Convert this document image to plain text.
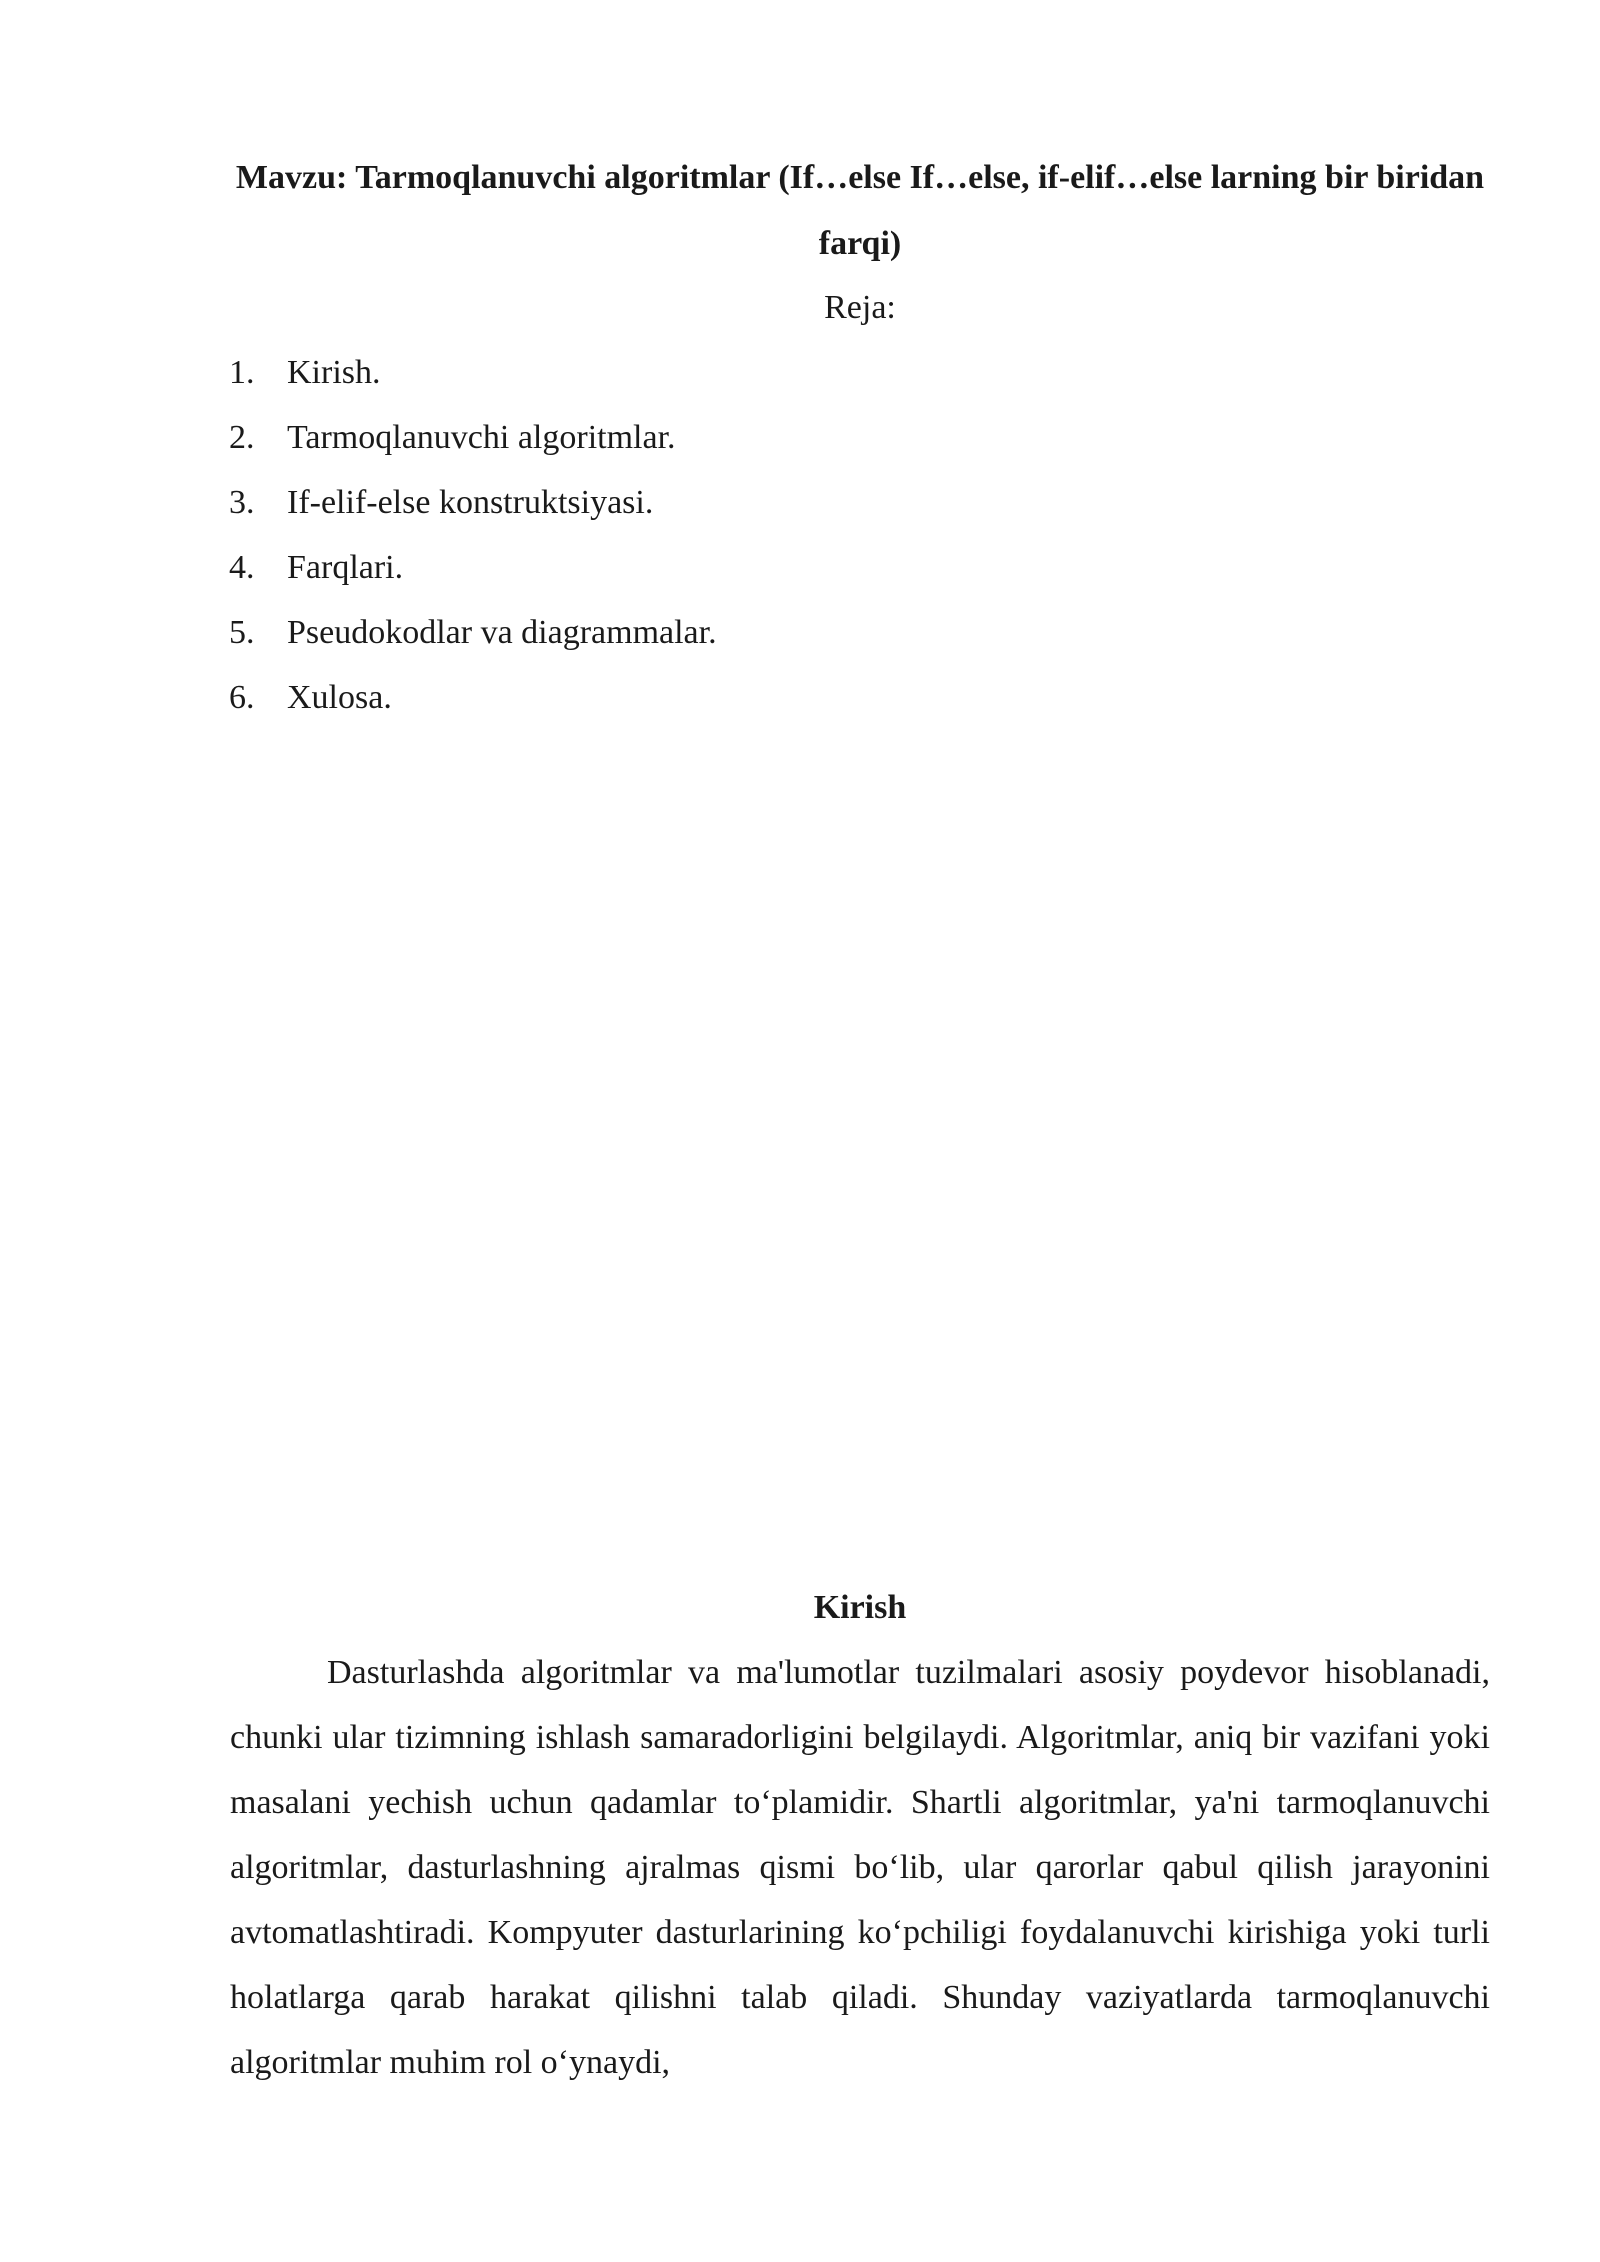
Mavzu: Tarmoqlanuvchi algoritmlar (If…else If…else, if-elif…else larning bir biridan farqi)

Reja:

1. Kirish.
2. Tarmoqlanuvchi algoritmlar.
3. If-elif-else konstruktsiyasi.
4. Farqlari.
5. Pseudokodlar va diagrammalar.
6. Xulosa.
Kirish

Dasturlashda algoritmlar va ma'lumotlar tuzilmalari asosiy poydevor hisoblanadi, chunki ular tizimning ishlash samaradorligini belgilaydi. Algoritmlar, aniq bir vazifani yoki masalani yechish uchun qadamlar to‘plamidir. Shartli algoritmlar, ya'ni tarmoqlanuvchi algoritmlar, dasturlashning ajralmas qismi bo‘lib, ular qarorlar qabul qilish jarayonini avtomatlashtiradi. Kompyuter dasturlarining ko‘pchiligi foydalanuvchi kirishiga yoki turli holatlarga qarab harakat qilishni talab qiladi. Shunday vaziyatlarda tarmoqlanuvchi algoritmlar muhim rol o‘ynaydi,
